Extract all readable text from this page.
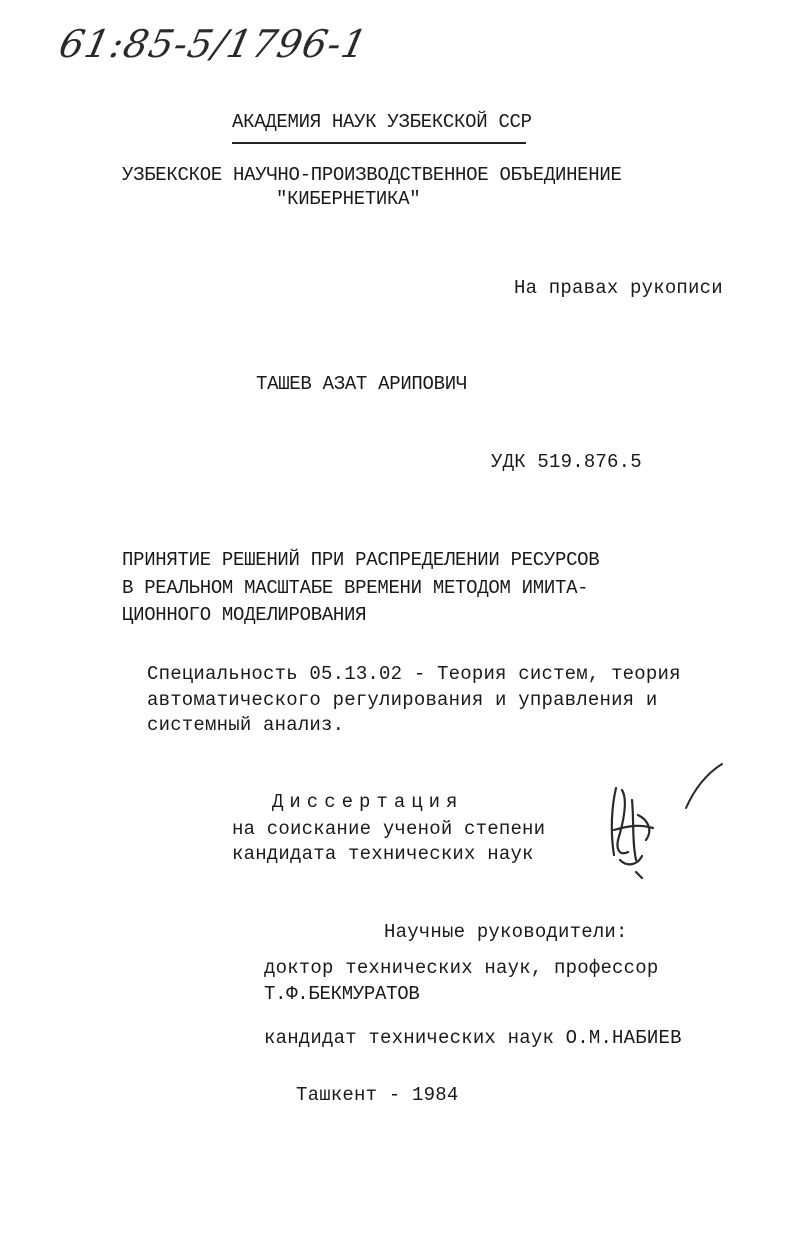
61:85-5/1796-1
АКАДЕМИЯ НАУК УЗБЕКСКОЙ ССР
УЗБЕКСКОЕ НАУЧНО-ПРОИЗВОДСТВЕННОЕ ОБЪЕДИНЕНИЕ
"КИБЕРНЕТИКА"
На правах рукописи
ТАШЕВ АЗАТ АРИПОВИЧ
УДК 519.876.5
ПРИНЯТИЕ РЕШЕНИЙ ПРИ РАСПРЕДЕЛЕНИИ РЕСУРСОВ
В РЕАЛЬНОМ МАСШТАБЕ ВРЕМЕНИ МЕТОДОМ ИМИТА-
ЦИОННОГО МОДЕЛИРОВАНИЯ
Специальность 05.13.02 - Теория систем, теория
автоматического регулирования и управления и
системный анализ.
Диссертация
на соискание ученой степени
кандидата технических наук
Научные руководители:
доктор технических наук, профессор
Т.Ф.БЕКМУРАТОВ
кандидат технических наук О.М.НАБИЕВ
Ташкент - 1984
